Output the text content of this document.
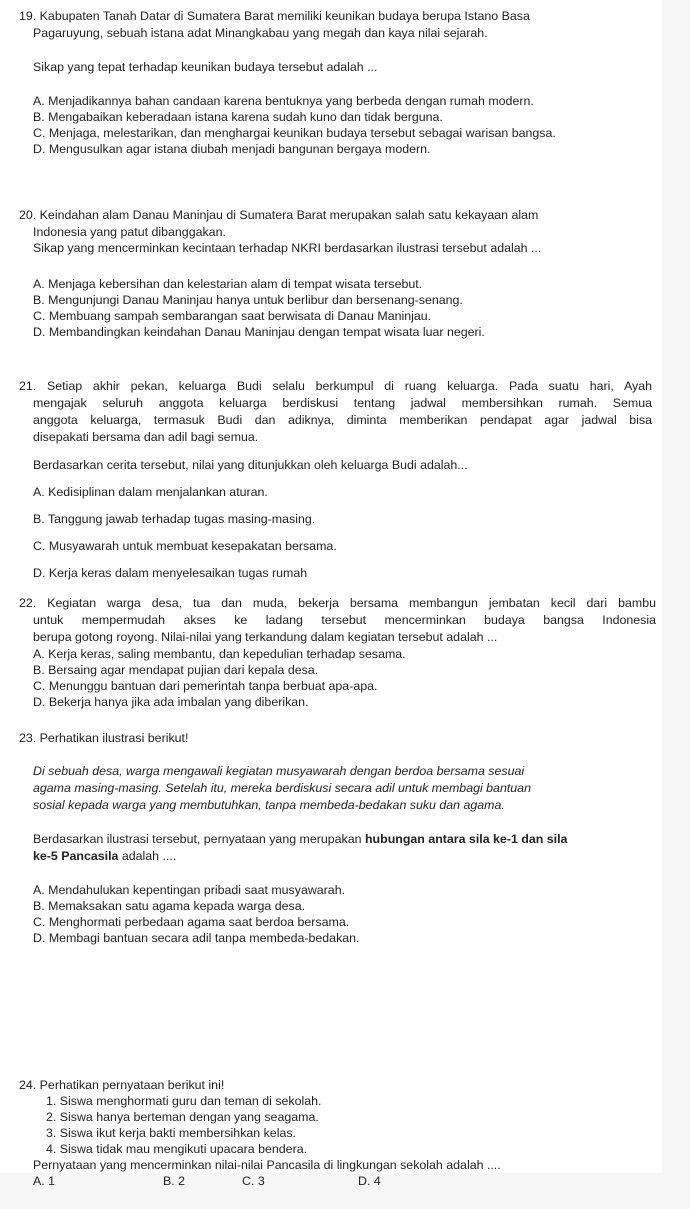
19. Kabupaten Tanah Datar di Sumatera Barat memiliki keunikan budaya berupa Istano Basa
Pagaruyung, sebuah istana adat Minangkabau yang megah dan kaya nilai sejarah.
Sikap yang tepat terhadap keunikan budaya tersebut adalah ...
A. Menjadikannya bahan candaan karena bentuknya yang berbeda dengan rumah modern.
B. Mengabaikan keberadaan istana karena sudah kuno dan tidak berguna.
C. Menjaga, melestarikan, dan menghargai keunikan budaya tersebut sebagai warisan bangsa.
D. Mengusulkan agar istana diubah menjadi bangunan bergaya modern.
20. Keindahan alam Danau Maninjau di Sumatera Barat merupakan salah satu kekayaan alam
Indonesia yang patut dibanggakan.
Sikap yang mencerminkan kecintaan terhadap NKRI berdasarkan ilustrasi tersebut adalah ...
A. Menjaga kebersihan dan kelestarian alam di tempat wisata tersebut.
B. Mengunjungi Danau Maninjau hanya untuk berlibur dan bersenang-senang.
C. Membuang sampah sembarangan saat berwisata di Danau Maninjau.
D. Membandingkan keindahan Danau Maninjau dengan tempat wisata luar negeri.
21. Setiap akhir pekan, keluarga Budi selalu berkumpul di ruang keluarga. Pada suatu hari, Ayah
mengajak seluruh anggota keluarga berdiskusi tentang jadwal membersihkan rumah. Semua
anggota keluarga, termasuk Budi dan adiknya, diminta memberikan pendapat agar jadwal bisa
disepakati bersama dan adil bagi semua.
Berdasarkan cerita tersebut, nilai yang ditunjukkan oleh keluarga Budi adalah...
A. Kedisiplinan dalam menjalankan aturan.
B. Tanggung jawab terhadap tugas masing-masing.
C. Musyawarah untuk membuat kesepakatan bersama.
D. Kerja keras dalam menyelesaikan tugas rumah
22. Kegiatan warga desa, tua dan muda, bekerja bersama membangun jembatan kecil dari bambu
untuk mempermudah akses ke ladang tersebut mencerminkan budaya bangsa Indonesia
berupa gotong royong. Nilai-nilai yang terkandung dalam kegiatan tersebut adalah ...
A. Kerja keras, saling membantu, dan kepedulian terhadap sesama.
B. Bersaing agar mendapat pujian dari kepala desa.
C. Menunggu bantuan dari pemerintah tanpa berbuat apa-apa.
D. Bekerja hanya jika ada imbalan yang diberikan.
23. Perhatikan ilustrasi berikut!
Di sebuah desa, warga mengawali kegiatan musyawarah dengan berdoa bersama sesuai
agama masing-masing. Setelah itu, mereka berdiskusi secara adil untuk membagi bantuan
sosial kepada warga yang membutuhkan, tanpa membeda-bedakan suku dan agama.
Berdasarkan ilustrasi tersebut, pernyataan yang merupakan hubungan antara sila ke-1 dan sila
ke-5 Pancasila adalah ....
A. Mendahulukan kepentingan pribadi saat musyawarah.
B. Memaksakan satu agama kepada warga desa.
C. Menghormati perbedaan agama saat berdoa bersama.
D. Membagi bantuan secara adil tanpa membeda-bedakan.
24. Perhatikan pernyataan berikut ini!
1. Siswa menghormati guru dan teman di sekolah.
2. Siswa hanya berteman dengan yang seagama.
3. Siswa ikut kerja bakti membersihkan kelas.
4. Siswa tidak mau mengikuti upacara bendera.
Pernyataan yang mencerminkan nilai-nilai Pancasila di lingkungan sekolah adalah ....
A. 1	B. 2	C. 3	D. 4
